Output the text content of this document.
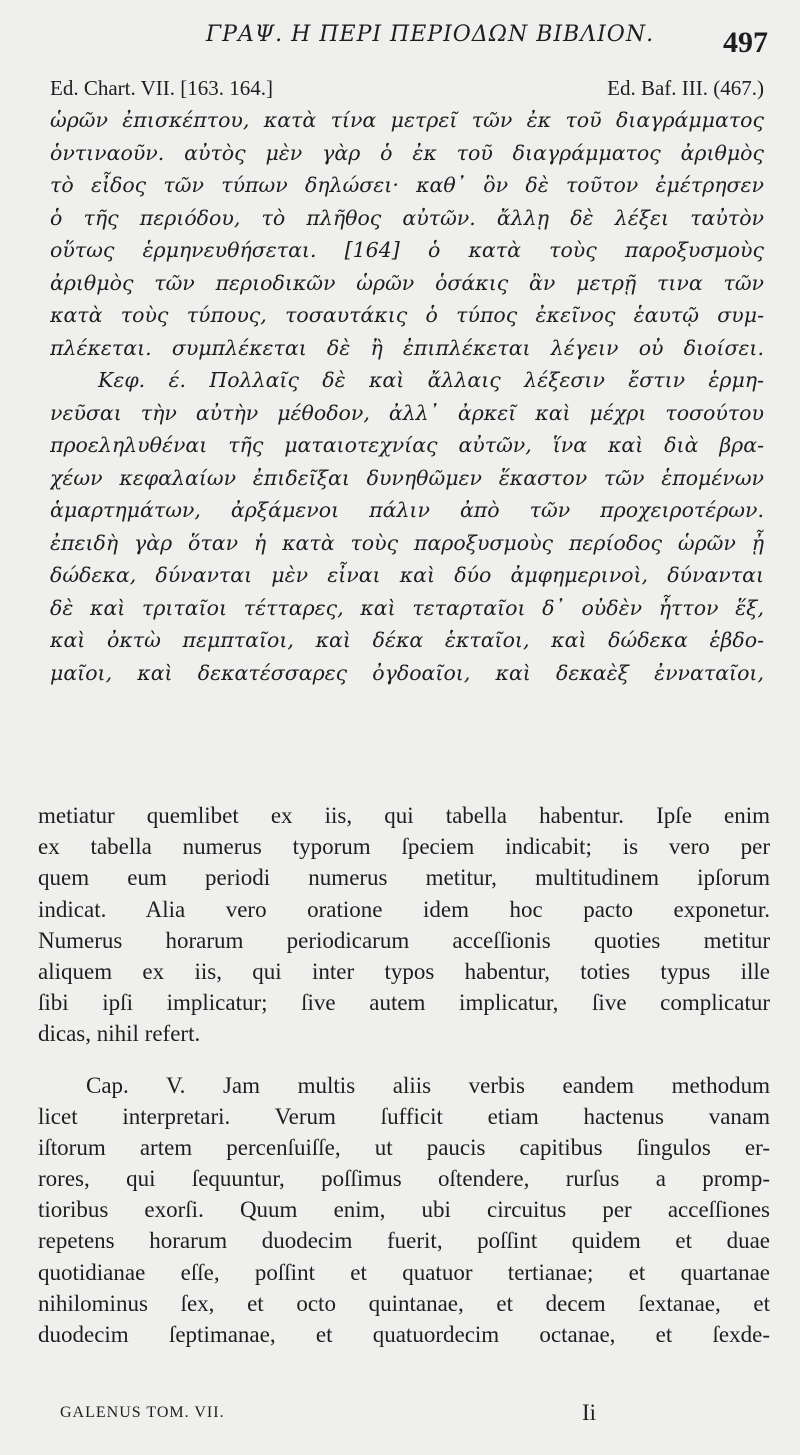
ΓΡΑΨ. Η ΠΕΡΙ ΠΕΡΙΟΔΩΝ ΒΙΒΛΙΟΝ.	497
Ed. Chart. VII. [163. 164.]	Ed. Baf. III. (467.)
ὡρῶν ἐπισκέπτου, κατὰ τίνα μετρεῖ τῶν ἐκ τοῦ διαγράμματος
ὁντιναοῦν. αὐτὸς μὲν γὰρ ὁ ἐκ τοῦ διαγράμματος ἀριθμὸς
τὸ εἶδος τῶν τύπων δηλώσει· καθ᾿ ὃν δὲ τοῦτον ἐμέτρησεν
ὁ τῆς περιόδου, τὸ πλῆθος αὐτῶν. ἄλλῃ δὲ λέξει ταὐτὸν
οὕτως ἑρμηνευθήσεται. [164] ὁ κατὰ τοὺς παροξυσμοὺς
ἀριθμὸς τῶν περιοδικῶν ὡρῶν ὁσάκις ἂν μετρῇ τινα τῶν
κατὰ τοὺς τύπους, τοσαυτάκις ὁ τύπος ἐκεῖνος ἑαυτῷ συμ-
πλέκεται. συμπλέκεται δὲ ἢ ἐπιπλέκεται λέγειν οὐ διοίσει.
Κεφ. έ. Πολλαῖς δὲ καὶ ἄλλαις λέξεσιν ἔστιν ἑρμη-
νεῦσαι τὴν αὐτὴν μέθοδον, ἀλλ᾿ ἀρκεῖ καὶ μέχρι τοσούτου
προεληλυθέναι τῆς ματαιοτεχνίας αὐτῶν, ἵνα καὶ διὰ βρα-
χέων κεφαλαίων ἐπιδεῖξαι δυνηθῶμεν ἕκαστον τῶν ἑπομένων
ἁμαρτημάτων, ἀρξάμενοι πάλιν ἀπὸ τῶν προχειροτέρων.
ἐπειδὴ γὰρ ὅταν ἡ κατὰ τοὺς παροξυσμοὺς περίοδος ὡρῶν ᾖ
δώδεκα, δύνανται μὲν εἶναι καὶ δύο ἀμφημερινοὶ, δύνανται
δὲ καὶ τριταῖοι τέτταρες, καὶ τεταρταῖοι δ᾿ οὐδὲν ἧττον ἕξ,
καὶ ὀκτὼ πεμπταῖοι, καὶ δέκα ἑκταῖοι, καὶ δώδεκα ἑβδο-
μαῖοι, καὶ δεκατέσσαρες ὀγδοαῖοι, καὶ δεκαὲξ ἐνναταῖοι,
metiatur quemlibet ex iis, qui tabella habentur. Ipſe enim
ex tabella numerus typorum ſpeciem indicabit; is vero per
quem eum periodi numerus metitur, multitudinem ipſorum
indicat. Alia vero oratione idem hoc pacto exponetur.
Numerus horarum periodicarum acceſſionis quoties metitur
aliquem ex iis, qui inter typos habentur, toties typus ille
ſibi ipſi implicatur; ſive autem implicatur, ſive complicatur
dicas, nihil refert.
Cap. V. Jam multis aliis verbis eandem methodum
licet interpretari. Verum ſufficit etiam hactenus vanam
iſtorum artem percenſuiſſe, ut paucis capitibus ſingulos er-
rores, qui ſequuntur, poſſimus oſtendere, rurſus a promp-
tioribus exorſi. Quum enim, ubi circuitus per acceſſiones
repetens horarum duodecim fuerit, poſſint quidem et duae
quotidianae eſſe, poſſint et quatuor tertianae; et quartanae
nihilominus ſex, et octo quintanae, et decem ſextanae, et
duodecim ſeptimanae, et quatuordecim octanae, et ſexde-
GALENUS TOM. VII.	Ii
